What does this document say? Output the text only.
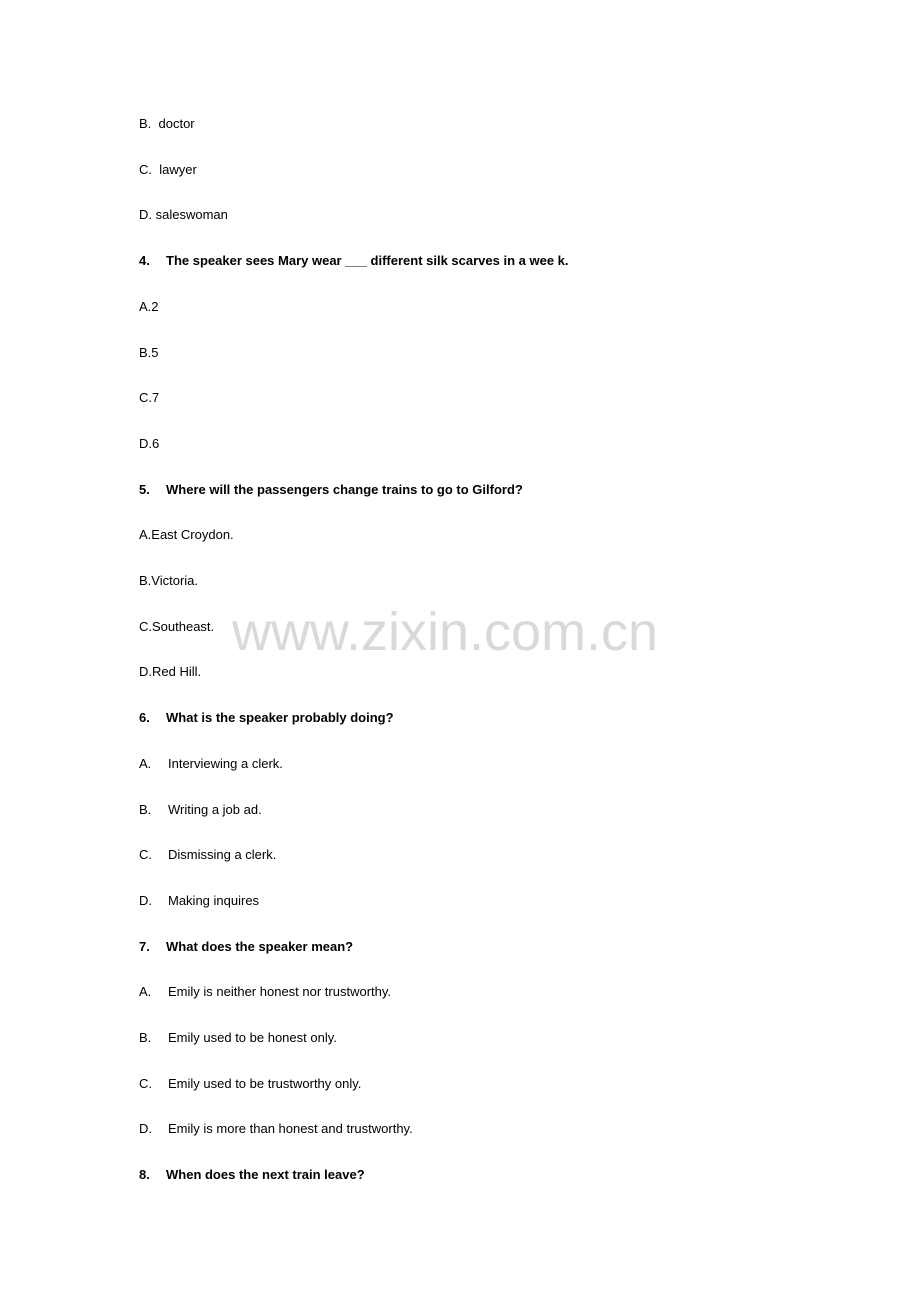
B.  doctor
C.  lawyer
D. saleswoman
4. The speaker sees Mary wear ___ different silk scarves in a wee k.
A.2
B.5
C.7
D.6
5. Where will the passengers change trains to go to Gilford?
A.East Croydon.
B.Victoria.
C.Southeast.
D.Red Hill.
6. What is the speaker probably doing?
A. Interviewing a clerk.
B. Writing a job ad.
C. Dismissing a clerk.
D. Making inquires
7. What does the speaker mean?
A. Emily is neither honest nor trustworthy.
B. Emily used to be honest only.
C. Emily used to be trustworthy only.
D. Emily is more than honest and trustworthy.
8. When does the next train leave?
www.zixin.com.cn
